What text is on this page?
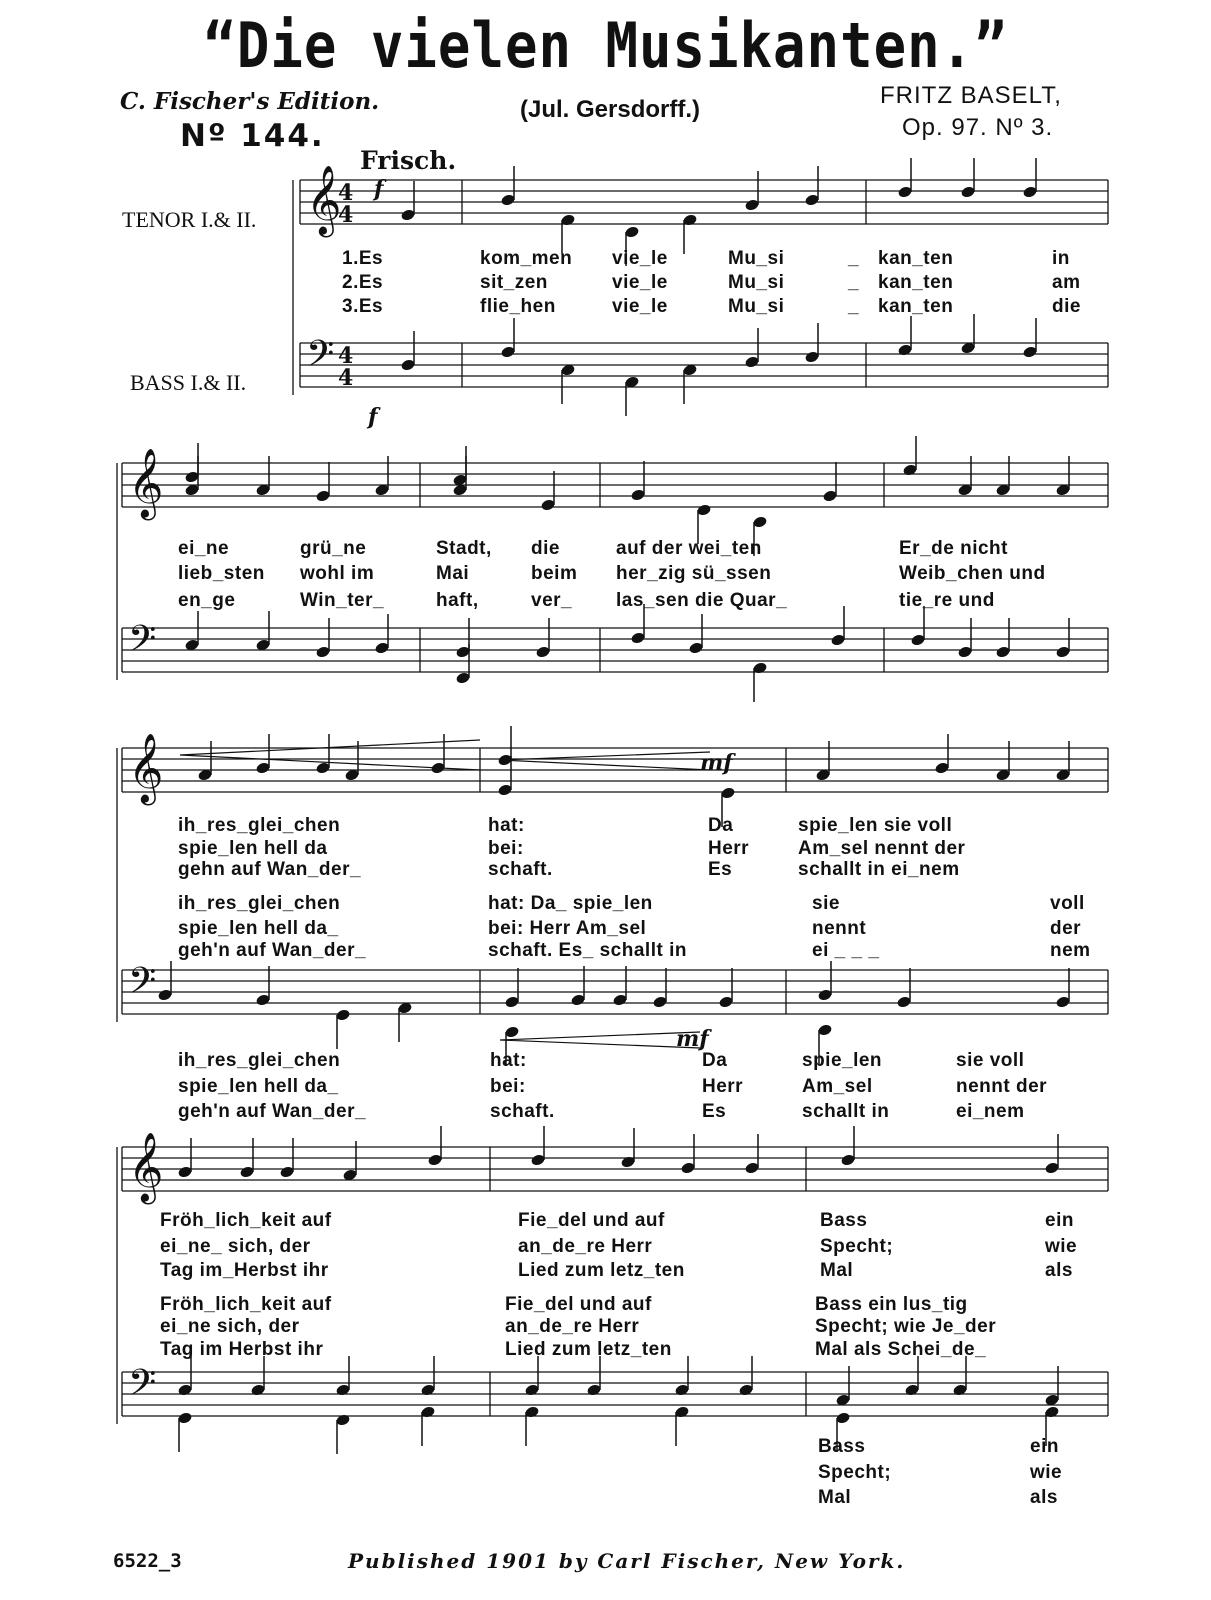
“Die vielen Musikanten.”
C. Fischer's Edition.
Nº 144.
(Jul. Gersdorff.)
FRITZ BASELT,
Op. 97. Nº 3.
Frisch.
TENOR I.& II.
BASS I.& II.
𝄞
𝄢
𝄞
𝄢
𝄞
𝄢
𝄞
𝄢
4
4
4
4
f
f
mf
mf
1.Es	kom_men vie_le	Mu_si	_ kan_ten	in
2.Es	sit_zen	vie_le	Mu_si	_ kan_ten	am
3.Es	flie_hen	vie_le	Mu_si	_ kan_ten	die
ei_ne	grü_ne	Stadt, die	auf der wei_ten	Er_de nicht
lieb_sten wohl im	Mai	beim her_zig sü_ssen	Weib_chen und
en_ge	Win_ter_	haft,	ver_ las_sen die Quar_	tie_re und
ih_res_glei_chen	hat:	Da	spie_len sie voll
spie_len hell da	bei:	Herr	Am_sel nennt der
gehn auf Wan_der_	schaft.	Es	schallt in ei_nem
ih_res_glei_chen	hat: Da_ spie_len	sie	voll
spie_len hell da_	bei: Herr Am_sel	nennt	der
geh'n auf Wan_der_	schaft. Es_ schallt in	ei _ _ _	nem
ih_res_glei_chen	hat:	Da	spie_len	sie voll
spie_len hell da_	bei:	Herr	Am_sel	nennt der
geh'n auf Wan_der_	schaft.	Es	schallt in	ei_nem
Fröh_lich_keit auf	Fie_del und auf	Bass	ein
ei_ne_ sich, der	an_de_re Herr	Specht;	wie
Tag im_Herbst ihr	Lied zum letz_ten	Mal	als
Fröh_lich_keit auf	Fie_del und auf	Bass ein lus_tig
ei_ne sich, der	an_de_re Herr	Specht; wie Je_der
Tag im Herbst ihr	Lied zum letz_ten	Mal als Schei_de_
Bass	ein
Specht;	wie
Mal	als
6522_3	Published 1901 by Carl Fischer, New York.
